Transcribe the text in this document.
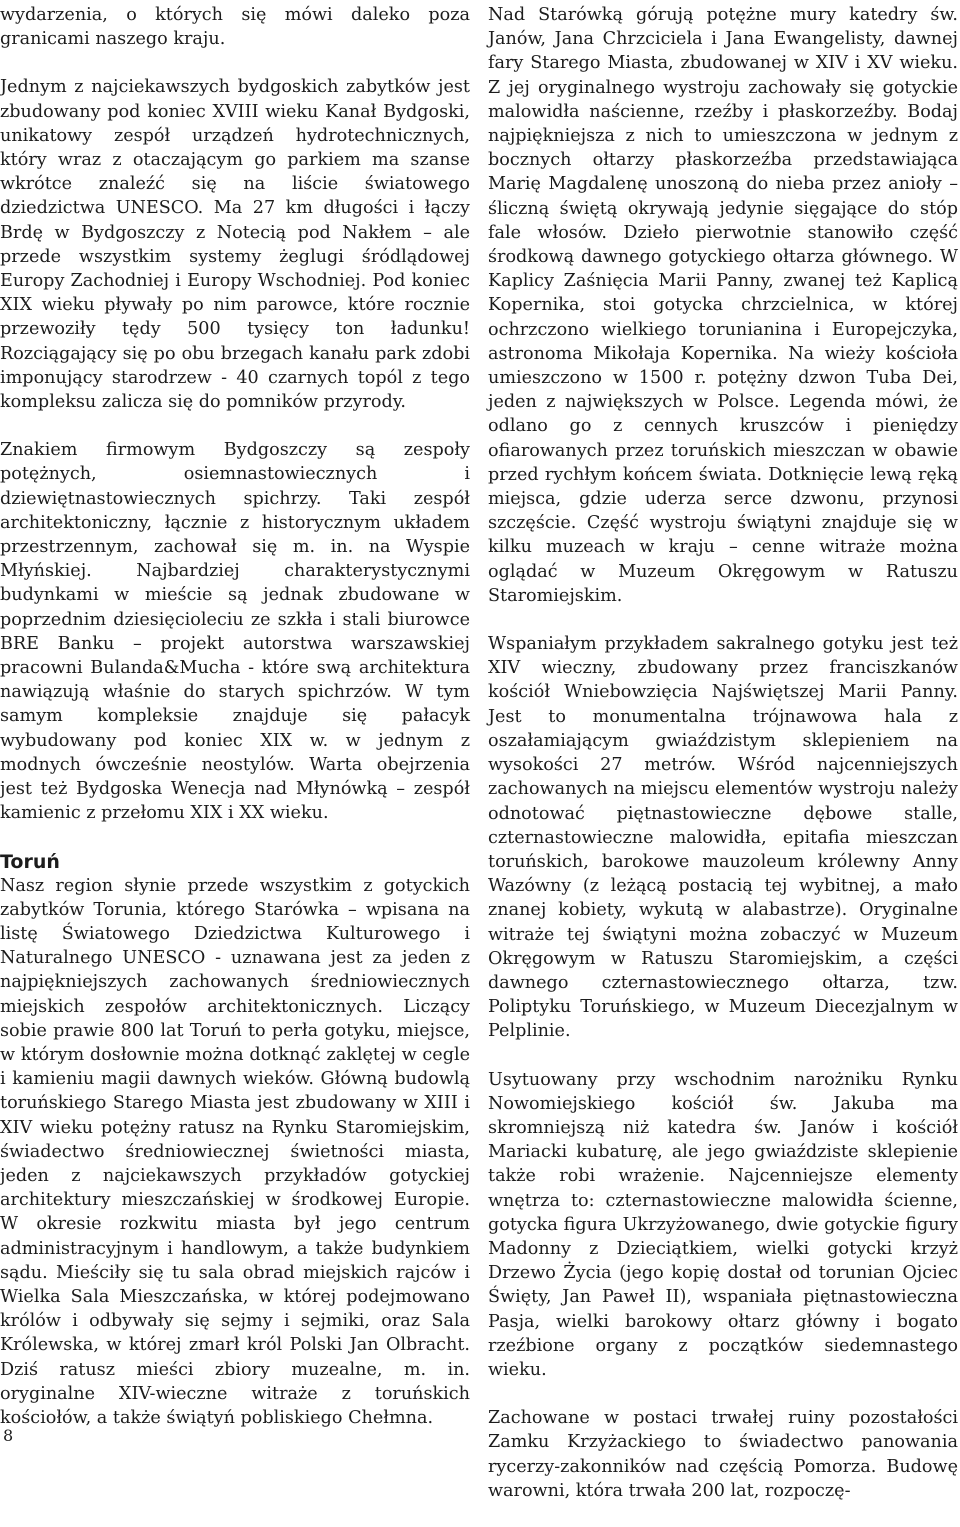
wydarzenia, o których się mówi daleko poza granicami naszego kraju.

Jednym z najciekawszych bydgoskich zabytków jest zbudowany pod koniec XVIII wieku Kanał Bydgoski, unikatowy zespół urządzeń hydrotechnicznych, który wraz z otaczającym go parkiem ma szanse wkrótce znaleźć się na liście światowego dziedzictwa UNESCO. Ma 27 km długości i łączy Brdę w Bydgoszczy z Notecią pod Nakłem – ale przede wszystkim systemy żeglugi śródlądowej Europy Zachodniej i Europy Wschodniej. Pod koniec XIX wieku pływały po nim parowce, które rocznie przewoziły tędy 500 tysięcy ton ładunku! Rozciągający się po obu brzegach kanału park zdobi imponujący starodrzew - 40 czarnych topól z tego kompleksu zalicza się do pomników przyrody.

Znakiem firmowym Bydgoszczy są zespoły potężnych, osiemnastowiecznych i dziewiętnastowiecznych spichrzy. Taki zespół architektoniczny, łącznie z historycznym układem przestrzennym, zachował się m. in. na Wyspie Młyńskiej. Najbardziej charakterystycznymi budynkami w mieście są jednak zbudowane w poprzednim dziesięcioleciu ze szkła i stali biurowce BRE Banku – projekt autorstwa warszawskiej pracowni Bulanda&Mucha - które swą architektura nawiązują właśnie do starych spichrzów. W tym samym kompleksie znajduje się pałacyk wybudowany pod koniec XIX w. w jednym z modnych ówcześnie neostylów. Warta obejrzenia jest też Bydgoska Wenecja nad Młynówką – zespół kamienic z przełomu XIX i XX wieku.

Toruń

Nasz region słynie przede wszystkim z gotyckich zabytków Torunia, którego Starówka – wpisana na listę Światowego Dziedzictwa Kulturowego i Naturalnego UNESCO - uznawana jest za jeden z najpiękniejszych zachowanych średniowiecznych miejskich zespołów architektonicznych. Liczący sobie prawie 800 lat Toruń to perła gotyku, miejsce, w którym dosłownie można dotknąć zaklętej w cegle i kamieniu magii dawnych wieków. Główną budowlą toruńskiego Starego Miasta jest zbudowany w XIII i XIV wieku potężny ratusz na Rynku Staromiejskim, świadectwo średniowiecznej świetności miasta, jeden z najciekawszych przykładów gotyckiej architektury mieszczańskiej w środkowej Europie. W okresie rozkwitu miasta był jego centrum administracyjnym i handlowym, a także budynkiem sądu. Mieściły się tu sala obrad miejskich rajców i Wielka Sala Mieszczańska, w której podejmowano królów i odbywały się sejmy i sejmiki, oraz Sala Królewska, w której zmarł król Polski Jan Olbracht. Dziś ratusz mieści zbiory muzealne, m. in. oryginalne XIV-wieczne witraże z toruńskich kościołów, a także świątyń pobliskiego Chełmna.

Nad Starówką górują potężne mury katedry św. Janów, Jana Chrzciciela i Jana Ewangelisty, dawnej fary Starego Miasta, zbudowanej w XIV i XV wieku. Z jej oryginalnego wystroju zachowały się gotyckie malowidła naścienne, rzeźby i płaskorzeźby. Bodaj najpiękniejsza z nich to umieszczona w jednym z bocznych ołtarzy płaskorzeźba przedstawiająca Marię Magdalenę unoszoną do nieba przez anioły – śliczną świętą okrywają jedynie sięgające do stóp fale włosów. Dzieło pierwotnie stanowiło część środkową dawnego gotyckiego ołtarza głównego. W Kaplicy Zaśnięcia Marii Panny, zwanej też Kaplicą Kopernika, stoi gotycka chrzcielnica, w której ochrzczono wielkiego torunianina i Europejczyka, astronoma Mikołaja Kopernika. Na wieży kościoła umieszczono w 1500 r. potężny dzwon Tuba Dei, jeden z największych w Polsce. Legenda mówi, że odlano go z cennych kruszców i pieniędzy ofiarowanych przez toruńskich mieszczan w obawie przed rychłym końcem świata. Dotknięcie lewą ręką miejsca, gdzie uderza serce dzwonu, przynosi szczęście. Część wystroju świątyni znajduje się w kilku muzeach w kraju – cenne witraże można oglądać w Muzeum Okręgowym w Ratuszu Staromiejskim.

Wspaniałym przykładem sakralnego gotyku jest też XIV wieczny, zbudowany przez franciszkanów kościół Wniebowzięcia Najświętszej Marii Panny. Jest to monumentalna trójnawowa hala z oszałamiającym gwiaździstym sklepieniem na wysokości 27 metrów. Wśród najcenniejszych zachowanych na miejscu elementów wystroju należy odnotować piętnastowieczne dębowe stalle, czternastowieczne malowidła, epitafia mieszczan toruńskich, barokowe mauzoleum królewny Anny Wazówny (z leżącą postacią tej wybitnej, a mało znanej kobiety, wykutą w alabastrze). Oryginalne witraże tej świątyni można zobaczyć w Muzeum Okręgowym w Ratuszu Staromiejskim, a części dawnego czternastowiecznego ołtarza, tzw. Poliptyku Toruńskiego, w Muzeum Diecezjalnym w Pelplinie.

Usytuowany przy wschodnim narożniku Rynku Nowomiejskiego kościół św. Jakuba ma skromniejszą niż katedra św. Janów i kościół Mariacki kubaturę, ale jego gwiaździste sklepienie także robi wrażenie. Najcenniejsze elementy wnętrza to: czternastowieczne malowidła ścienne, gotycka figura Ukrzyżowanego, dwie gotyckie figury Madonny z Dzieciątkiem, wielki gotycki krzyż Drzewo Życia (jego kopię dostał od torunian Ojciec Święty, Jan Paweł II), wspaniała piętnastowieczna Pasja, wielki barokowy ołtarz główny i bogato rzeźbione organy z początków siedemnastego wieku.

Zachowane w postaci trwałej ruiny pozostałości Zamku Krzyżackiego to świadectwo panowania rycerzy-zakonników nad częścią Pomorza. Budowę warowni, która trwała 200 lat, rozpoczę-

8
